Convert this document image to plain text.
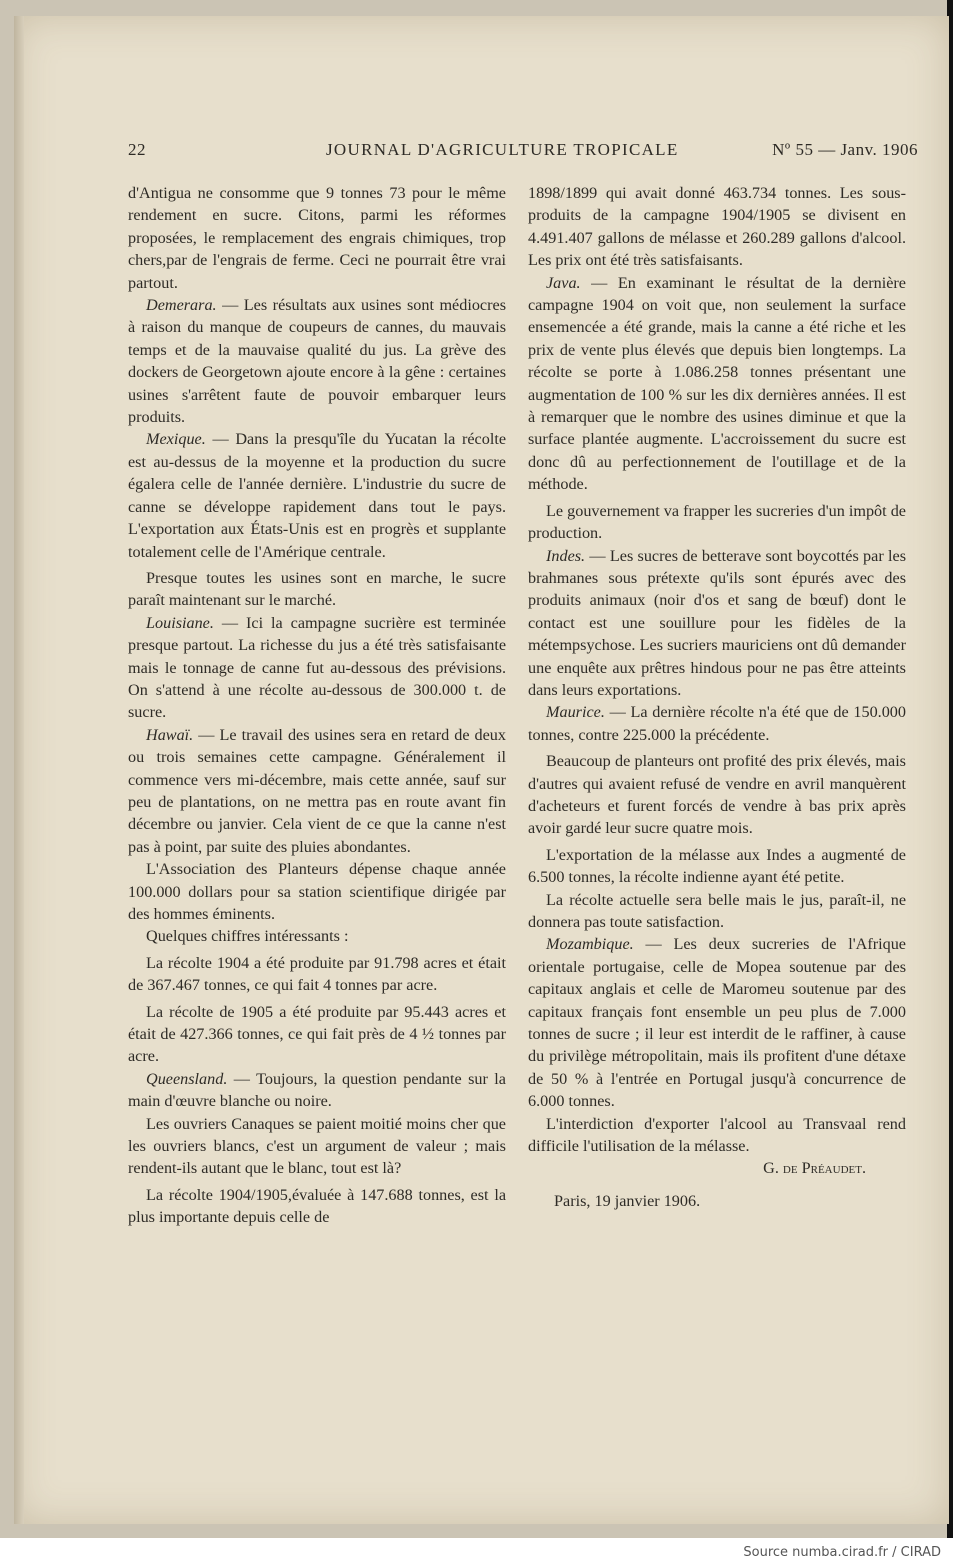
22	JOURNAL D'AGRICULTURE TROPICALE	Nº 55 — Janv. 1906

d'Antigua ne consomme que 9 tonnes 73 pour le même rendement en sucre. Citons, parmi les réformes proposées, le remplacement des engrais chimiques, trop chers,par de l'engrais de ferme. Ceci ne pourrait être vrai partout.

Demerara. — Les résultats aux usines sont médiocres à raison du manque de coupeurs de cannes, du mauvais temps et de la mauvaise qualité du jus. La grève des dockers de Georgetown ajoute encore à la gêne : certaines usines s'arrêtent faute de pouvoir embarquer leurs produits.

Mexique. — Dans la presqu'île du Yucatan la récolte est au-dessus de la moyenne et la production du sucre égalera celle de l'année dernière. L'industrie du sucre de canne se développe rapidement dans tout le pays. L'exportation aux États-Unis est en progrès et supplante totalement celle de l'Amérique centrale.

Presque toutes les usines sont en marche, le sucre paraît maintenant sur le marché.

Louisiane. — Ici la campagne sucrière est terminée presque partout. La richesse du jus a été très satisfaisante mais le tonnage de canne fut au-dessous des prévisions. On s'attend à une récolte au-dessous de 300.000 t. de sucre.

Hawaï. — Le travail des usines sera en retard de deux ou trois semaines cette campagne. Généralement il commence vers mi-décembre, mais cette année, sauf sur peu de plantations, on ne mettra pas en route avant fin décembre ou janvier. Cela vient de ce que la canne n'est pas à point, par suite des pluies abondantes.

L'Association des Planteurs dépense chaque année 100.000 dollars pour sa station scientifique dirigée par des hommes éminents.

Quelques chiffres intéressants :

La récolte 1904 a été produite par 91.798 acres et était de 367.467 tonnes, ce qui fait 4 tonnes par acre.

La récolte de 1905 a été produite par 95.443 acres et était de 427.366 tonnes, ce qui fait près de 4 ½ tonnes par acre.

Queensland. — Toujours, la question pendante sur la main d'œuvre blanche ou noire.

Les ouvriers Canaques se paient moitié moins cher que les ouvriers blancs, c'est un argument de valeur ; mais rendent-ils autant que le blanc, tout est là?

La récolte 1904/1905,évaluée à 147.688 tonnes, est la plus importante depuis celle de

1898/1899 qui avait donné 463.734 tonnes. Les sous-produits de la campagne 1904/1905 se divisent en 4.491.407 gallons de mélasse et 260.289 gallons d'alcool. Les prix ont été très satisfaisants.

Java. — En examinant le résultat de la dernière campagne 1904 on voit que, non seulement la surface ensemencée a été grande, mais la canne a été riche et les prix de vente plus élevés que depuis bien longtemps. La récolte se porte à 1.086.258 tonnes présentant une augmentation de 100 % sur les dix dernières années. Il est à remarquer que le nombre des usines diminue et que la surface plantée augmente. L'accroissement du sucre est donc dû au perfectionnement de l'outillage et de la méthode.

Le gouvernement va frapper les sucreries d'un impôt de production.

Indes. — Les sucres de betterave sont boycottés par les brahmanes sous prétexte qu'ils sont épurés avec des produits animaux (noir d'os et sang de bœuf) dont le contact est une souillure pour les fidèles de la métempsychose. Les sucriers mauriciens ont dû demander une enquête aux prêtres hindous pour ne pas être atteints dans leurs exportations.

Maurice. — La dernière récolte n'a été que de 150.000 tonnes, contre 225.000 la précédente.

Beaucoup de planteurs ont profité des prix élevés, mais d'autres qui avaient refusé de vendre en avril manquèrent d'acheteurs et furent forcés de vendre à bas prix après avoir gardé leur sucre quatre mois.

L'exportation de la mélasse aux Indes a augmenté de 6.500 tonnes, la récolte indienne ayant été petite.

La récolte actuelle sera belle mais le jus, paraît-il, ne donnera pas toute satisfaction.

Mozambique. — Les deux sucreries de l'Afrique orientale portugaise, celle de Mopea soutenue par des capitaux anglais et celle de Maromeu soutenue par des capitaux français font ensemble un peu plus de 7.000 tonnes de sucre ; il leur est interdit de le raffiner, à cause du privilège métropolitain, mais ils profitent d'une détaxe de 50 % à l'entrée en Portugal jusqu'à concurrence de 6.000 tonnes.

L'interdiction d'exporter l'alcool au Transvaal rend difficile l'utilisation de la mélasse.

G. de Préaudet.

Paris, 19 janvier 1906.

Source numba.cirad.fr / CIRAD
